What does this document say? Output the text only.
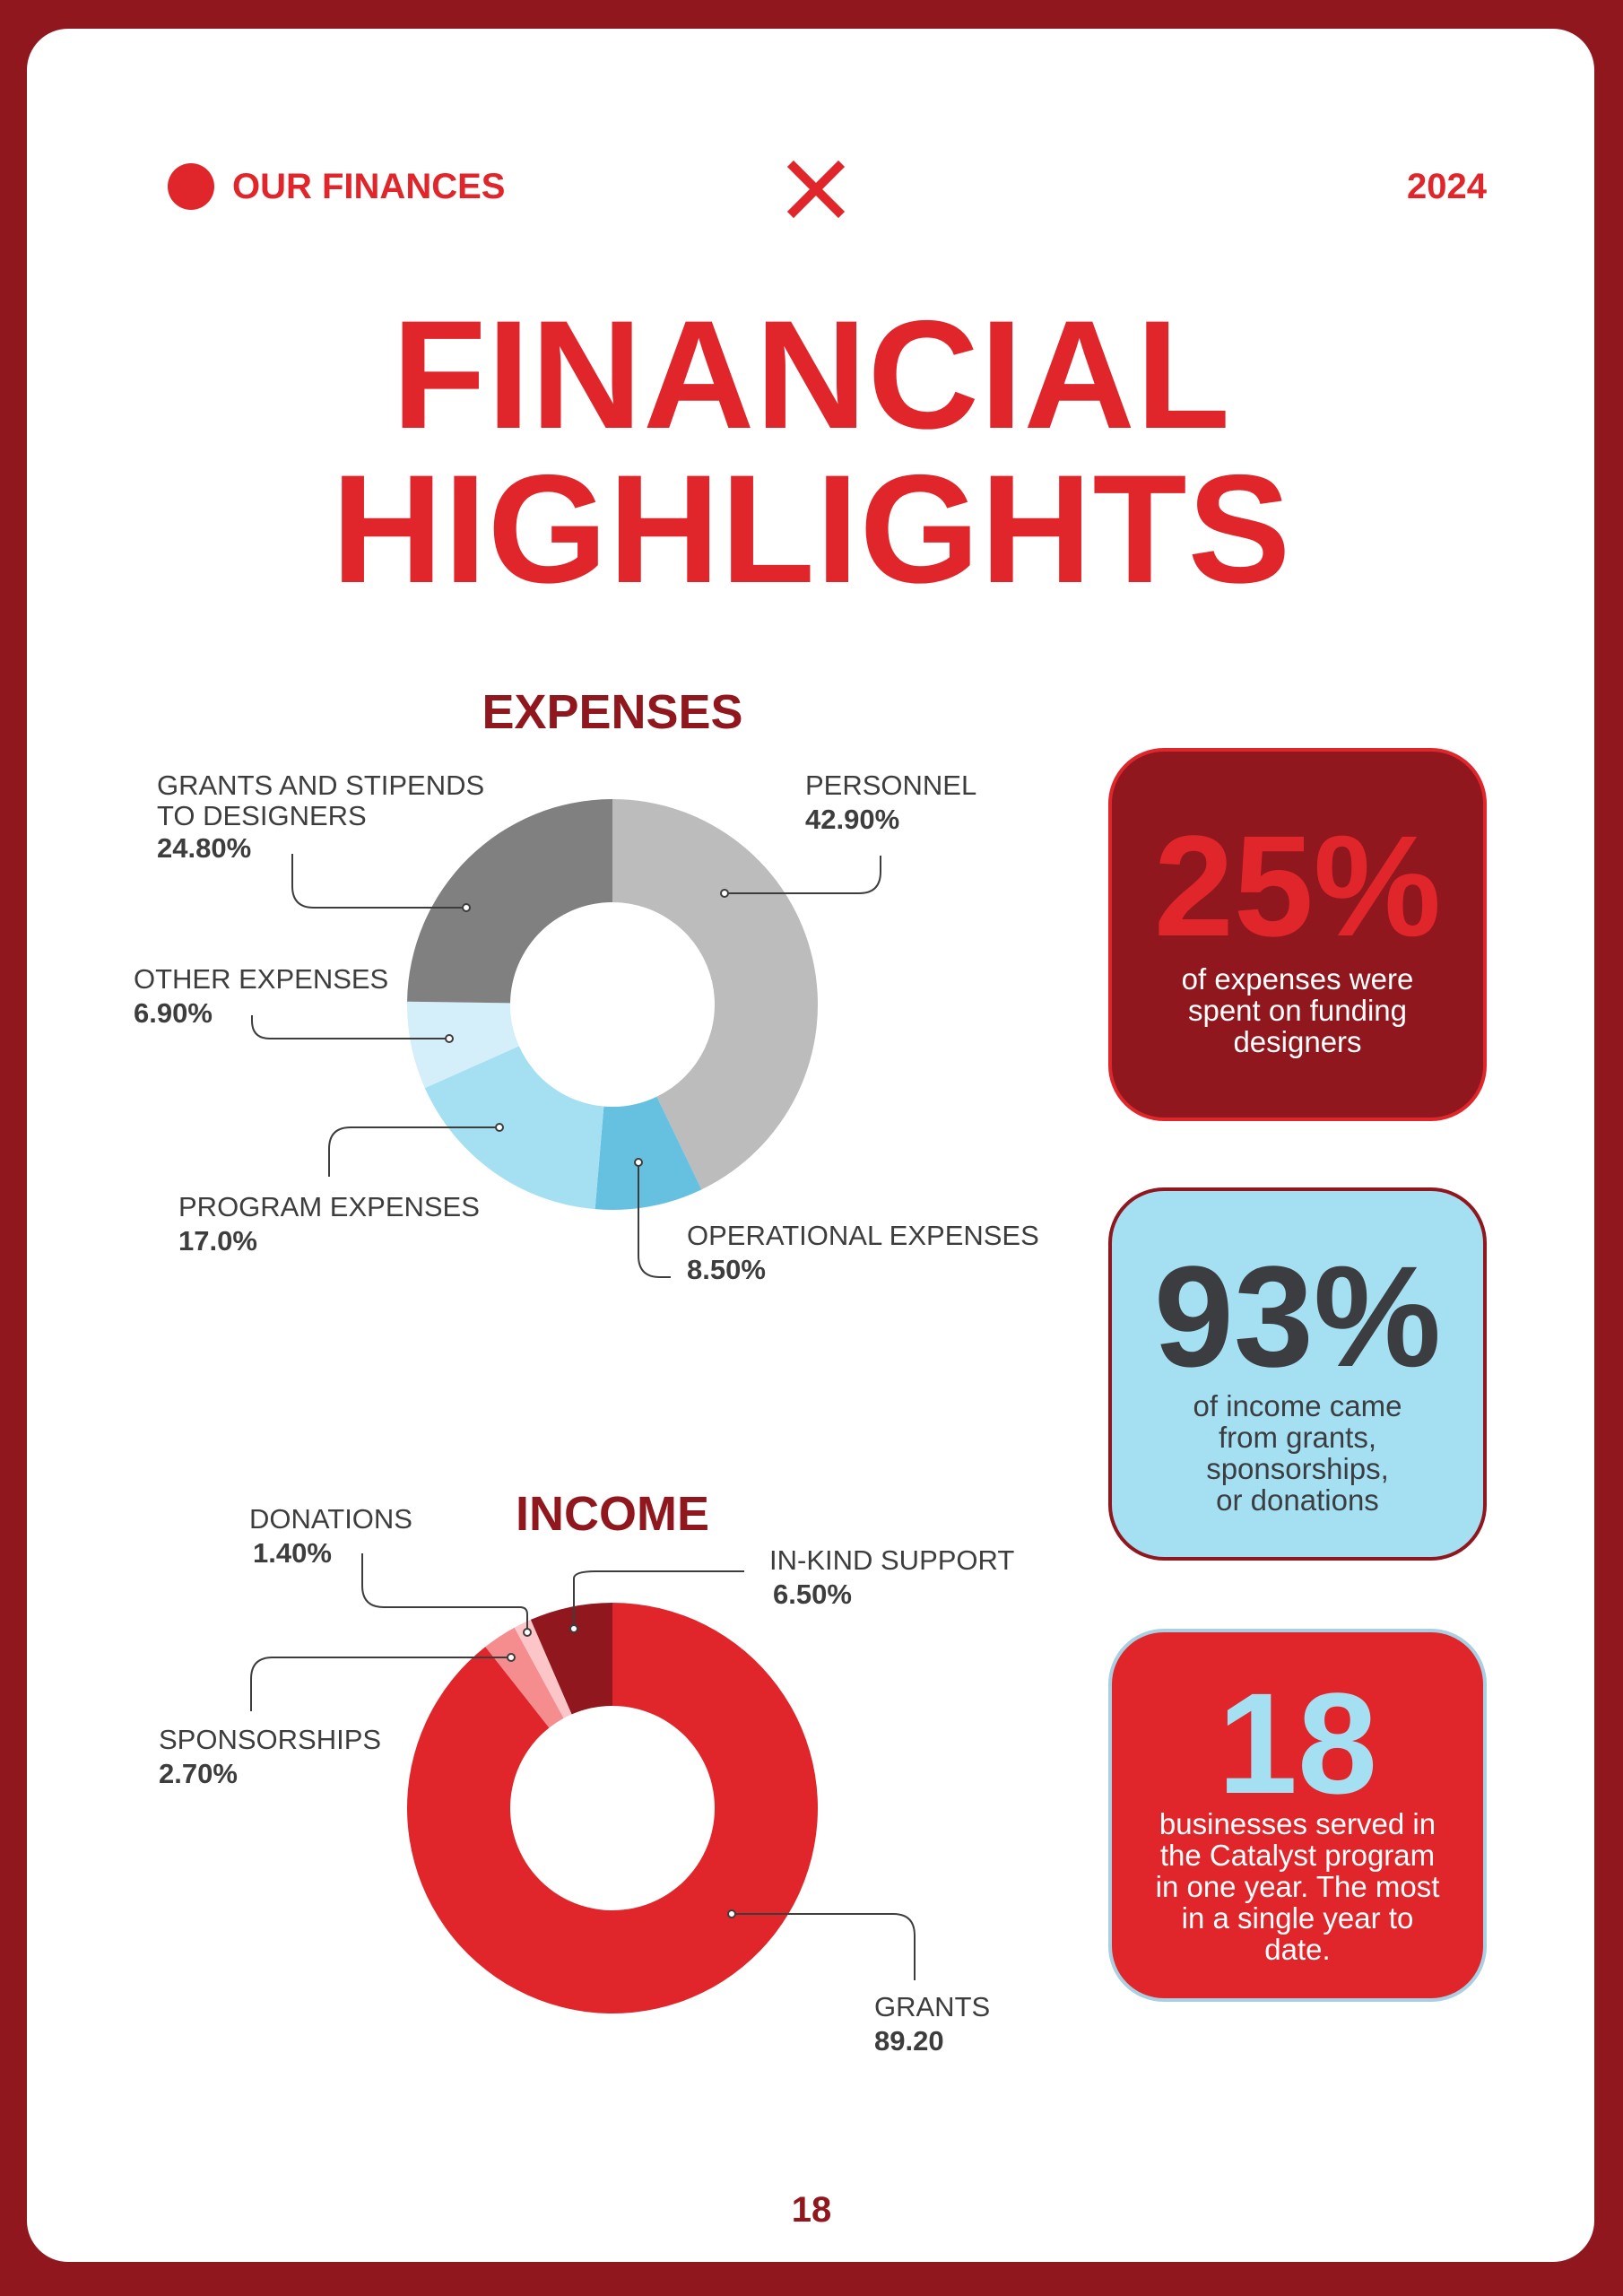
OUR FINANCES	2024
FINANCIAL
HIGHLIGHTS
EXPENSES
PERSONNEL
42.90%
OPERATIONAL EXPENSES
8.50%
PROGRAM EXPENSES
17.0%
OTHER EXPENSES
6.90%
GRANTS AND STIPENDS
TO DESIGNERS
24.80%
INCOME
GRANTS
89.20
SPONSORSHIPS
2.70%
DONATIONS
1.40%	IN-KIND SUPPORT
6.50%
25%
of expenses were
spent on funding
designers
93%
of income came
from grants,
sponsorships,
or donations
18
businesses served in
the Catalyst program
in one year. The most
in a single year to
date.
18
